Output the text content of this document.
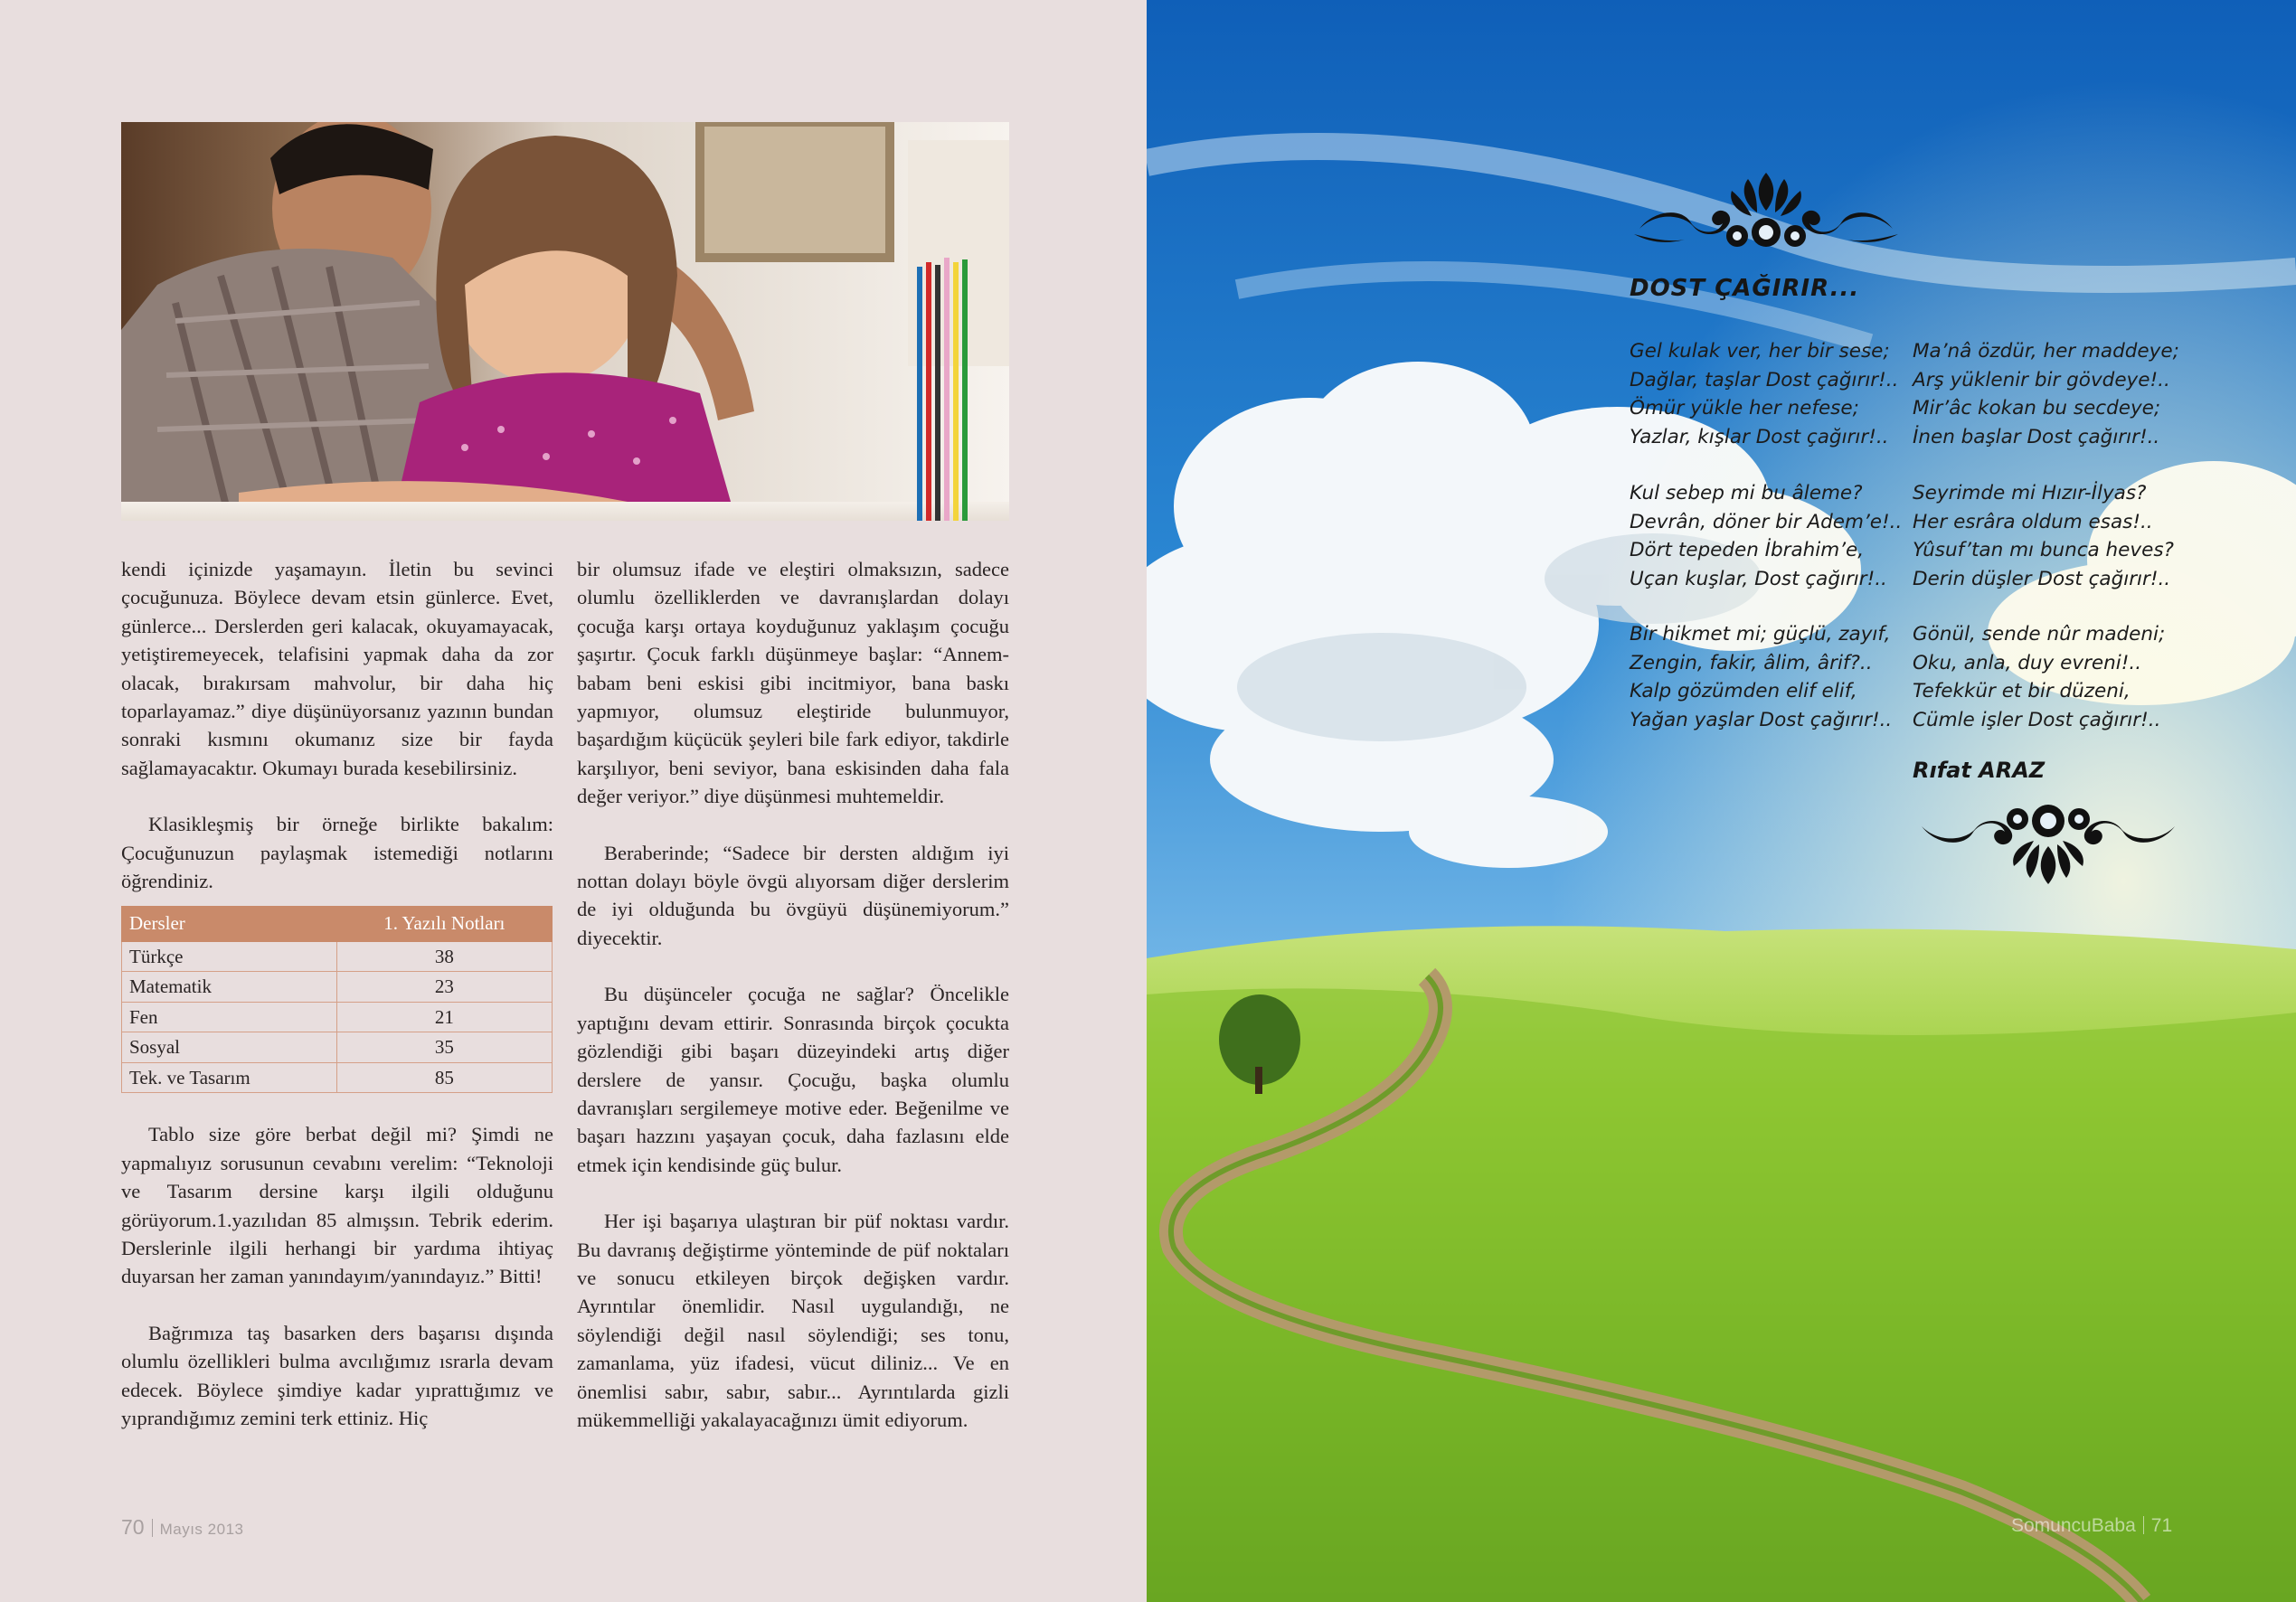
kendi içinizde yaşamayın. İletin bu sevinci çocuğunuza. Böylece devam etsin günlerce. Evet, günlerce... Derslerden geri kalacak, okuyamayacak, yetiştiremeyecek, telafisini yapmak daha da zor olacak, bırakırsam mahvolur, bir daha hiç toparlayamaz.” diye düşünüyorsanız yazının bundan sonraki kısmını okumanız size bir fayda sağlamayacaktır. Okumayı burada kesebilirsiniz.

Klasikleşmiş bir örneğe birlikte bakalım: Çocuğunuzun paylaşmak istemediği notlarını öğrendiniz.

Dersler	1. Yazılı Notları
Türkçe	38
Matematik	23
Fen	21
Sosyal	35
Tek. ve Tasarım	85

Tablo size göre berbat değil mi? Şimdi ne yapmalıyız sorusunun cevabını verelim: “Teknoloji ve Tasarım dersine karşı ilgili olduğunu görüyorum.1.yazılıdan 85 almışsın. Tebrik ederim. Derslerinle ilgili herhangi bir yardıma ihtiyaç duyarsan her zaman yanındayım/yanındayız.” Bitti!

Bağrımıza taş basarken ders başarısı dışında olumlu özellikleri bulma avcılığımız ısrarla devam edecek. Böylece şimdiye kadar yıprattığımız ve yıprandığımız zemini terk ettiniz. Hiç

bir olumsuz ifade ve eleştiri olmaksızın, sadece olumlu özelliklerden ve davranışlardan dolayı çocuğa karşı ortaya koyduğunuz yaklaşım çocuğu şaşırtır. Çocuk farklı düşünmeye başlar: “Annem- babam beni eskisi gibi incitmiyor, bana baskı yapmıyor, olumsuz eleştiride bulunmuyor, başardığım küçücük şeyleri bile fark ediyor, takdirle karşılıyor, beni seviyor, bana eskisinden daha fala değer veriyor.” diye düşünmesi muhtemeldir.

Beraberinde; “Sadece bir dersten aldığım iyi nottan dolayı böyle övgü alıyorsam diğer derslerim de iyi olduğunda bu övgüyü düşünemiyorum.” diyecektir.

Bu düşünceler çocuğa ne sağlar? Öncelikle yaptığını devam ettirir. Sonrasında birçok çocukta gözlendiği gibi başarı düzeyindeki artış diğer derslere de yansır. Çocuğu, başka olumlu davranışları sergilemeye motive eder. Beğenilme ve başarı hazzını yaşayan çocuk, daha fazlasını elde etmek için kendisinde güç bulur.

Her işi başarıya ulaştıran bir püf noktası vardır. Bu davranış değiştirme yönteminde de püf noktaları ve sonucu etkileyen birçok değişken vardır. Ayrıntılar önemlidir. Nasıl uygulandığı, ne söylendiği değil nasıl söylendiği; ses tonu, zamanlama, yüz ifadesi, vücut diliniz... Ve en önemlisi sabır, sabır, sabır... Ayrıntılarda gizli mükemmelliği yakalayacağınızı ümit ediyorum.

70 Mayıs 2013
DOST ÇAĞIRIR...
Gel kulak ver, her bir sese;
Dağlar, taşlar Dost çağırır!..
Ömür yükle her nefese;
Yazlar, kışlar Dost çağırır!..
Kul sebep mi bu âleme?
Devrân, döner bir Adem’e!..
Dört tepeden İbrahim’e,
Uçan kuşlar, Dost çağırır!..
Bir hikmet mi; güçlü, zayıf,
Zengin, fakir, âlim, ârif?..
Kalp gözümden elif elif,
Yağan yaşlar Dost çağırır!..
Ma’nâ özdür, her maddeye;
Arş yüklenir bir gövdeye!..
Mir’âc kokan bu secdeye;
İnen başlar Dost çağırır!..
Seyrimde mi Hızır-İlyas?
Her esrâra oldum esas!..
Yûsuf’tan mı bunca heves?
Derin düşler Dost çağırır!..
Gönül, sende nûr madeni;
Oku, anla, duy evreni!..
Tefekkür et bir düzeni,
Cümle işler Dost çağırır!..
Rıfat ARAZ
SomuncuBaba 71
